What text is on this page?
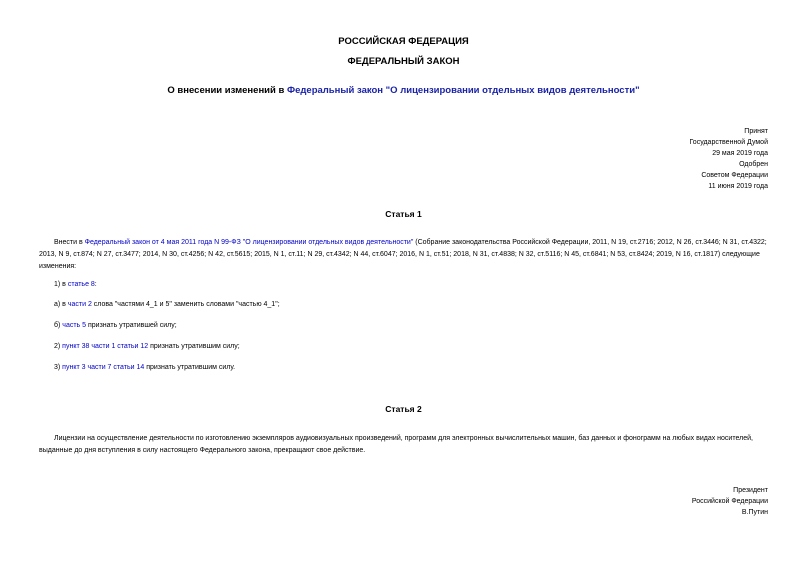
РОССИЙСКАЯ ФЕДЕРАЦИЯ
ФЕДЕРАЛЬНЫЙ ЗАКОН
О внесении изменений в Федеральный закон "О лицензировании отдельных видов деятельности"
Принят
Государственной Думой
29 мая 2019 года
Одобрен
Советом Федерации
11 июня 2019 года
Статья 1
Внести в Федеральный закон от 4 мая 2011 года N 99-ФЗ "О лицензировании отдельных видов деятельности" (Собрание законодательства Российской Федерации, 2011, N 19, ст.2716; 2012, N 26, ст.3446; N 31, ст.4322; 2013, N 9, ст.874; N 27, ст.3477; 2014, N 30, ст.4256; N 42, ст.5615; 2015, N 1, ст.11; N 29, ст.4342; N 44, ст.6047; 2016, N 1, ст.51; 2018, N 31, ст.4838; N 32, ст.5116; N 45, ст.6841; N 53, ст.8424; 2019, N 16, ст.1817) следующие изменения:
1) в статье 8:
а) в части 2 слова "частями 4_1 и 5" заменить словами "частью 4_1";
б) часть 5 признать утратившей силу;
2) пункт 38 части 1 статьи 12 признать утратившим силу;
3) пункт 3 части 7 статьи 14 признать утратившим силу.
Статья 2
Лицензии на осуществление деятельности по изготовлению экземпляров аудиовизуальных произведений, программ для электронных вычислительных машин, баз данных и фонограмм на любых видах носителей, выданные до дня вступления в силу настоящего Федерального закона, прекращают свое действие.
Президент
Российской Федерации
В.Путин
